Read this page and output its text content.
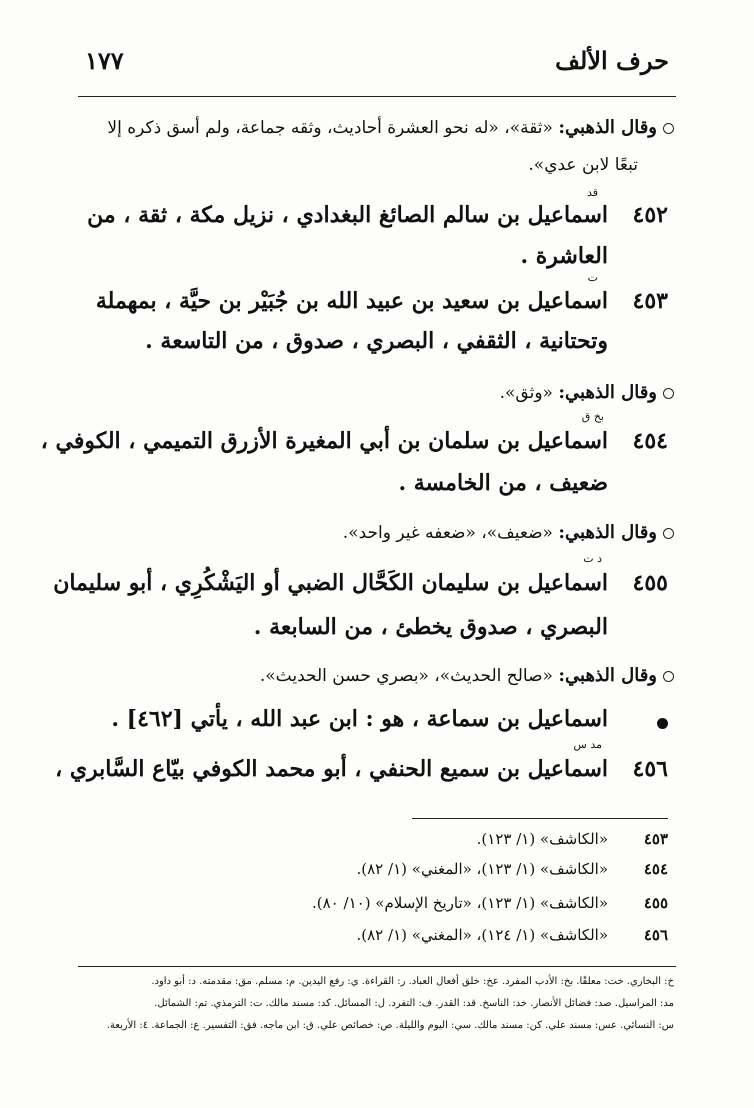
حرف الألف
١٧٧
وقال الذهبي: «ثقة»، «له نحو العشرة أحاديث، وثقه جماعة، ولم أسق ذكره إلا
تبعًا لابن عدي».
٤٥٢
قد
اسماعيل بن سالم الصائغ البغدادي ، نزيل مكة ، ثقة ، من
العاشرة .
٤٥٣
ت
اسماعيل بن سعيد بن عبيد الله بن جُبَيْر بن حيَّة ، بمهملة
وتحتانية ، الثقفي ، البصري ، صدوق ، من التاسعة .
وقال الذهبي: «وثق».
٤٥٤
بخ ق
اسماعيل بن سلمان بن أبي المغيرة الأزرق التميمي ، الكوفي ،
ضعيف ، من الخامسة .
وقال الذهبي: «ضعيف»، «ضعفه غير واحد».
٤٥٥
د ت
اسماعيل بن سليمان الكَحَّال الضبي أو اليَشْكُرِي ، أبو سليمان
البصري ، صدوق يخطئ ، من السابعة .
وقال الذهبي: «صالح الحديث»، «بصري حسن الحديث».
اسماعيل بن سماعة ، هو : ابن عبد الله ، يأتي [٤٦٢] .
٤٥٦
مد س
اسماعيل بن سميع الحنفي ، أبو محمد الكوفي بيّاع السَّابري ،
٤٥٣
«الكاشف» (١/ ١٢٣).
٤٥٤
«الكاشف» (١/ ١٢٣)، «المغني» (١/ ٨٢).
٤٥٥
«الكاشف» (١/ ١٢٣)، «تاريخ الإسلام» (١٠/ ٨٠).
٤٥٦
«الكاشف» (١/ ١٢٤)، «المغني» (١/ ٨٢).
خ: البخاري. خت: معلقًا. بخ: الأدب المفرد. عخ: خلق أفعال العباد. ر: القراءة. ي: رفع اليدين. م: مسلم. مق: مقدمته. د: أبو داود.
مد: المراسيل. صد: فضائل الأنصار. خد: الناسخ. قد: القدر. ف: التفرد. ل: المسائل. كد: مسند مالك. ت: الترمذي. تم: الشمائل.
س: النسائي. عس: مسند علي. كن: مسند مالك. سي: اليوم والليلة. ص: خصائص علي. ق: ابن ماجه. فق: التفسير. ع: الجماعة. ٤: الأربعة.
